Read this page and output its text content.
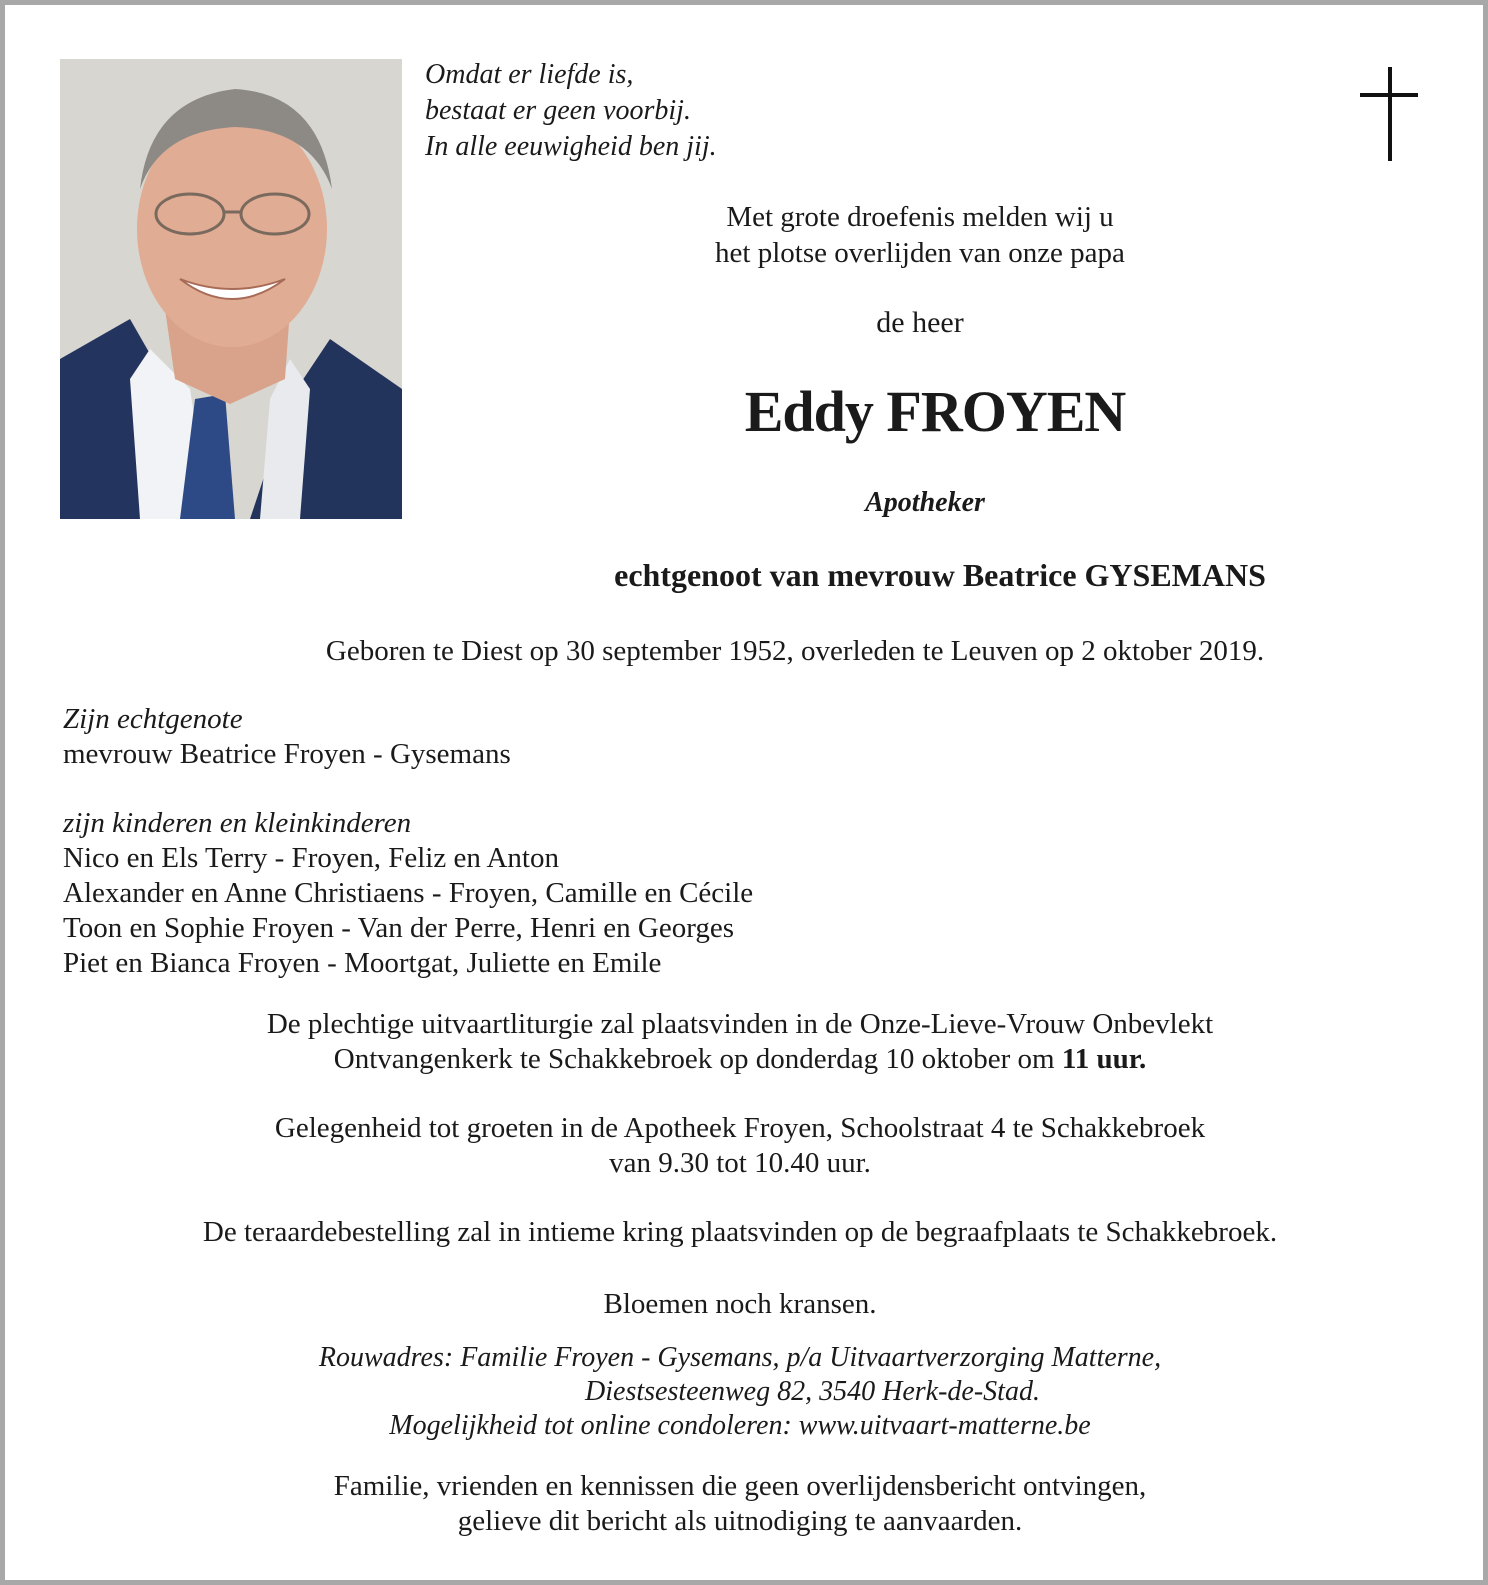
Omdat er liefde is,
bestaat er geen voorbij.
In alle eeuwigheid ben jij.
Met grote droefenis melden wij u
het plotse overlijden van onze papa
de heer
Eddy FROYEN
Apotheker
echtgenoot van mevrouw Beatrice GYSEMANS
Geboren te Diest op 30 september 1952, overleden te Leuven op 2 oktober 2019.
Zijn echtgenote
mevrouw Beatrice Froyen - Gysemans
zijn kinderen en kleinkinderen
Nico en Els Terry - Froyen, Feliz en Anton
Alexander en Anne Christiaens - Froyen, Camille en Cécile
Toon en Sophie Froyen - Van der Perre, Henri en Georges
Piet en Bianca Froyen - Moortgat, Juliette en Emile
De plechtige uitvaartliturgie zal plaatsvinden in de Onze-Lieve-Vrouw Onbevlekt
Ontvangenkerk te Schakkebroek op donderdag 10 oktober om 11 uur.
Gelegenheid tot groeten in de Apotheek Froyen, Schoolstraat 4 te Schakkebroek
van 9.30 tot 10.40 uur.
De teraardebestelling zal in intieme kring plaatsvinden op de begraafplaats te Schakkebroek.
Bloemen noch kransen.
Rouwadres: Familie Froyen - Gysemans, p/a Uitvaartverzorging Matterne,
Diestsesteenweg 82, 3540 Herk-de-Stad.
Mogelijkheid tot online condoleren: www.uitvaart-matterne.be
Familie, vrienden en kennissen die geen overlijdensbericht ontvingen,
gelieve dit bericht als uitnodiging te aanvaarden.
